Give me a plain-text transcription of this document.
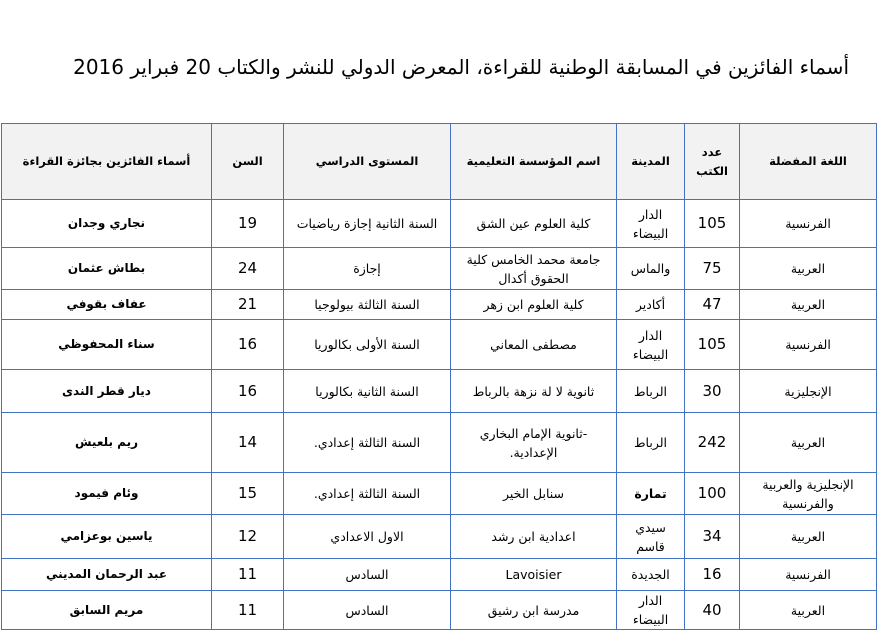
أسماء الفائزين في المسابقة الوطنية للقراءة، المعرض الدولي للنشر والكتاب 20 فبراير 2016
اللغة المفضلة	عدد الكتب	المدينة	اسم المؤسسة التعليمية	المستوى الدراسي	السن	أسماء الفائزين بجائزة القراءة
الفرنسية	105	الدار البيضاء	كلية العلوم عين الشق	السنة الثانية إجازة رياضيات	19	نجاري وجدان
العربية	75	والماس	جامعة محمد الخامس كلية الحقوق أكدال	إجازة	24	بطاش عثمان
العربية	47	أكادير	كلية العلوم ابن زهر	السنة الثالثة بيولوجيا	21	عفاف بقوفي
الفرنسية	105	الدار البيضاء	مصطفى المعاني	السنة الأولى بكالوريا	16	سناء المحفوظي
الإنجليزية	30	الرباط	ثانوية لا لة نزهة بالرباط	السنة الثانية بكالوريا	16	ديار قطر الندى
العربية	242	الرباط	-ثانوية الإمام البخاري الإعدادية.	السنة الثالثة إعدادي.	14	ريم بلعيش
الإنجليزية والعربية والفرنسية	100	تمارة	سنابل الخير	السنة الثالثة إعدادي.	15	وئام فيمود
العربية	34	سيدي قاسم	اعدادية ابن رشد	الاول الاعدادي	12	ياسين بوعزامي
الفرنسية	16	الجديدة	Lavoisier	السادس	11	عبد الرحمان المديني
العربية	40	الدار البيضاء	مدرسة ابن رشيق	السادس	11	مريم السابق
